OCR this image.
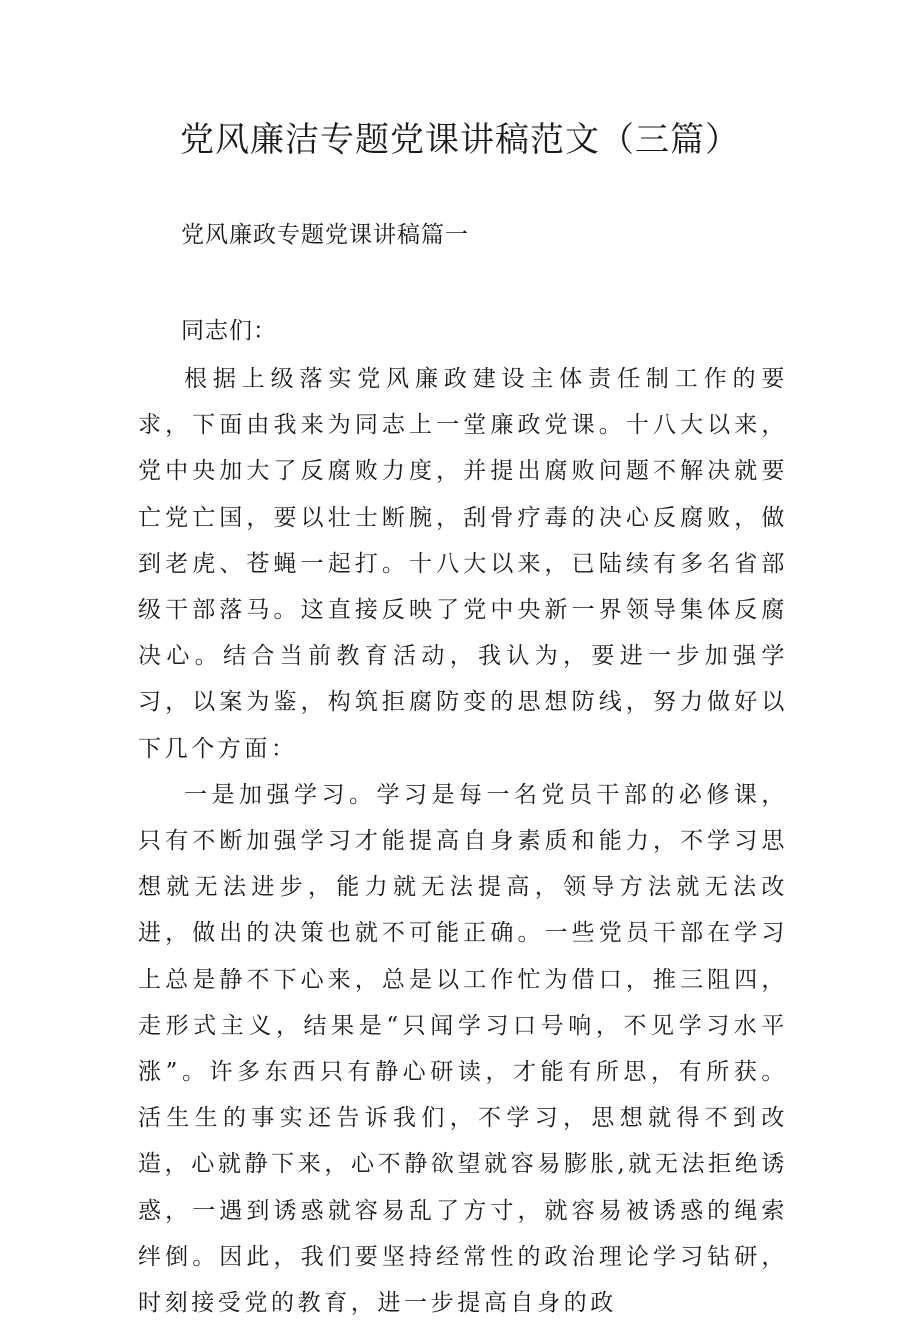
党风廉洁专题党课讲稿范文（三篇）
党风廉政专题党课讲稿篇一

同志们：

根据上级落实党风廉政建设主体责任制工作的要求，下面由我来为同志上一堂廉政党课。十八大以来，党中央加大了反腐败力度，并提出腐败问题不解决就要亡党亡国，要以壮士断腕，刮骨疗毒的决心反腐败，做到老虎、苍蝇一起打。十八大以来，已陆续有多名省部级干部落马。这直接反映了党中央新一界领导集体反腐决心。结合当前教育活动，我认为，要进一步加强学习，以案为鉴，构筑拒腐防变的思想防线，努力做好以下几个方面：

一是加强学习。学习是每一名党员干部的必修课，只有不断加强学习才能提高自身素质和能力，不学习思想就无法进步，能力就无法提高，领导方法就无法改进，做出的决策也就不可能正确。一些党员干部在学习上总是静不下心来，总是以工作忙为借口，推三阻四，走形式主义，结果是“只闻学习口号响，不见学习水平涨”。许多东西只有静心研读，才能有所思，有所获。活生生的事实还告诉我们，不学习，思想就得不到改造，心就静下来，心不静欲望就容易膨胀,就无法拒绝诱惑，一遇到诱惑就容易乱了方寸，就容易被诱惑的绳索绊倒。因此，我们要坚持经常性的政治理论学习钻研，时刻接受党的教育，进一步提高自身的政
